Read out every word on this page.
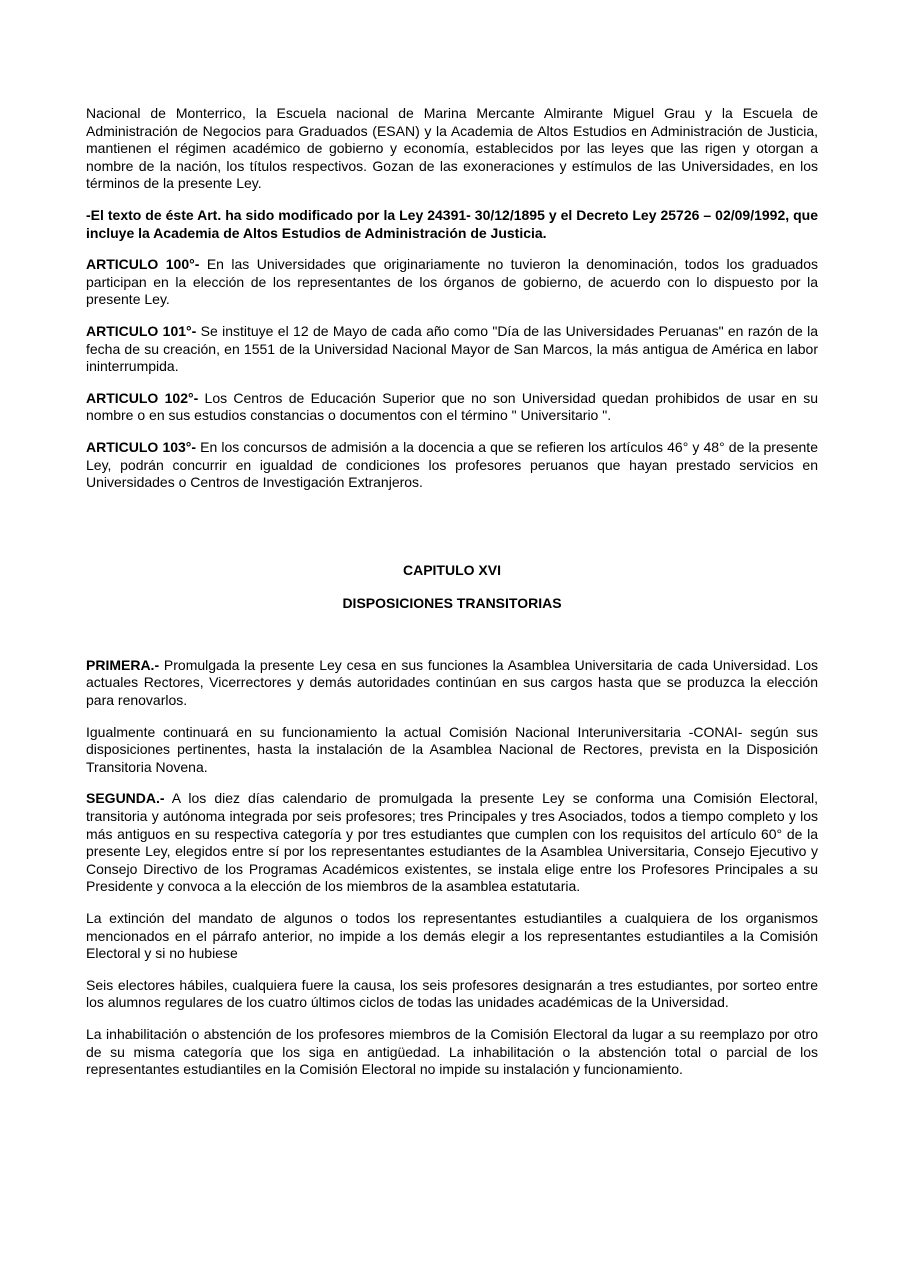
Nacional de Monterrico, la Escuela nacional de Marina Mercante Almirante Miguel Grau y la Escuela de Administración de Negocios para Graduados (ESAN) y la Academia de Altos Estudios en Administración de Justicia, mantienen el régimen académico de gobierno y economía, establecidos por las leyes que las rigen y otorgan a nombre de la nación, los títulos respectivos. Gozan de las exoneraciones y estímulos de las Universidades, en los términos de la presente Ley.

-El texto de éste Art. ha sido modificado por la Ley 24391- 30/12/1895 y el Decreto Ley 25726 – 02/09/1992, que incluye la Academia de Altos Estudios de Administración de Justicia.

ARTICULO 100°- En las Universidades que originariamente no tuvieron la denominación, todos los graduados participan en la elección de los representantes de los órganos de gobierno, de acuerdo con lo dispuesto por la presente Ley.

ARTICULO 101°- Se instituye el 12 de Mayo de cada año como "Día de las Universidades Peruanas" en razón de la fecha de su creación, en 1551 de la Universidad Nacional Mayor de San Marcos, la más antigua de América en labor ininterrumpida.

ARTICULO 102°- Los Centros de Educación Superior que no son Universidad quedan prohibidos de usar en su nombre o en sus estudios constancias o documentos con el término " Universitario ".

ARTICULO 103°- En los concursos de admisión a la docencia a que se refieren los artículos 46° y 48° de la presente Ley, podrán concurrir en igualdad de condiciones los profesores peruanos que hayan prestado servicios en Universidades o Centros de Investigación Extranjeros.

CAPITULO XVI
DISPOSICIONES TRANSITORIAS

PRIMERA.- Promulgada la presente Ley cesa en sus funciones la Asamblea Universitaria de cada Universidad. Los actuales Rectores, Vicerrectores y demás autoridades continúan en sus cargos hasta que se produzca la elección para renovarlos.

Igualmente continuará en su funcionamiento la actual Comisión Nacional Interuniversitaria -CONAI- según sus disposiciones pertinentes, hasta la instalación de la Asamblea Nacional de Rectores, prevista en la Disposición Transitoria Novena.

SEGUNDA.- A los diez días calendario de promulgada la presente Ley se conforma una Comisión Electoral, transitoria y autónoma integrada por seis profesores; tres Principales y tres Asociados, todos a tiempo completo y los más antiguos en su respectiva categoría y por tres estudiantes que cumplen con los requisitos del artículo 60° de la presente Ley, elegidos entre sí por los representantes estudiantes de la Asamblea Universitaria, Consejo Ejecutivo y Consejo Directivo de los Programas Académicos existentes, se instala elige entre los Profesores Principales a su Presidente y convoca a la elección de los miembros de la asamblea estatutaria.

La extinción del mandato de algunos o todos los representantes estudiantiles a cualquiera de los organismos mencionados en el párrafo anterior, no impide a los demás elegir a los representantes estudiantiles a la Comisión Electoral y si no hubiese

Seis electores hábiles, cualquiera fuere la causa, los seis profesores designarán a tres estudiantes, por sorteo entre los alumnos regulares de los cuatro últimos ciclos de todas las unidades académicas de la Universidad.

La inhabilitación o abstención de los profesores miembros de la Comisión Electoral da lugar a su reemplazo por otro de su misma categoría que los siga en antigüedad. La inhabilitación o la abstención total o parcial de los representantes estudiantiles en la Comisión Electoral no impide su instalación y funcionamiento.
